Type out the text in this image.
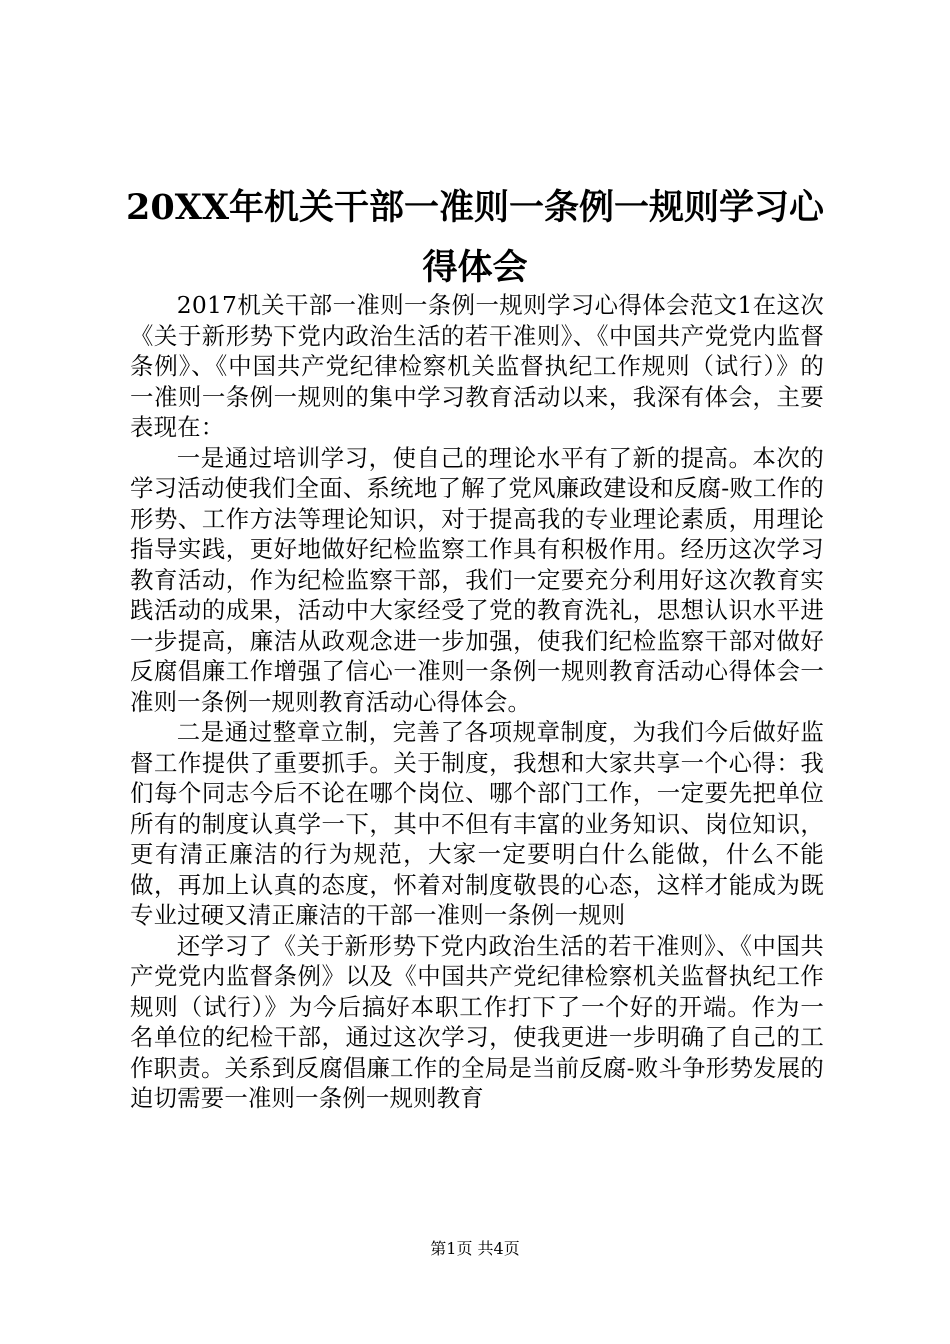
20XX年机关干部一准则一条例一规则学习心得体会

2017机关干部一准则一条例一规则学习心得体会范文1在这次《关于新形势下党内政治生活的若干准则》、《中国共产党党内监督条例》、《中国共产党纪律检察机关监督执纪工作规则（试行）》的一准则一条例一规则的集中学习教育活动以来，我深有体会，主要表现在：

一是通过培训学习，使自己的理论水平有了新的提高。本次的学习活动使我们全面、系统地了解了党风廉政建设和反腐-败工作的形势、工作方法等理论知识，对于提高我的专业理论素质，用理论指导实践，更好地做好纪检监察工作具有积极作用。经历这次学习教育活动，作为纪检监察干部，我们一定要充分利用好这次教育实践活动的成果，活动中大家经受了党的教育洗礼，思想认识水平进一步提高，廉洁从政观念进一步加强，使我们纪检监察干部对做好反腐倡廉工作增强了信心一准则一条例一规则教育活动心得体会一准则一条例一规则教育活动心得体会。

二是通过整章立制，完善了各项规章制度，为我们今后做好监督工作提供了重要抓手。关于制度，我想和大家共享一个心得：我们每个同志今后不论在哪个岗位、哪个部门工作，一定要先把单位所有的制度认真学一下，其中不但有丰富的业务知识、岗位知识，更有清正廉洁的行为规范，大家一定要明白什么能做，什么不能做，再加上认真的态度，怀着对制度敬畏的心态，这样才能成为既专业过硬又清正廉洁的干部一准则一条例一规则

还学习了《关于新形势下党内政治生活的若干准则》、《中国共产党党内监督条例》以及《中国共产党纪律检察机关监督执纪工作规则（试行）》为今后搞好本职工作打下了一个好的开端。作为一名单位的纪检干部，通过这次学习，使我更进一步明确了自己的工作职责。关系到反腐倡廉工作的全局是当前反腐-败斗争形势发展的迫切需要一准则一条例一规则教育

第1页 共4页
